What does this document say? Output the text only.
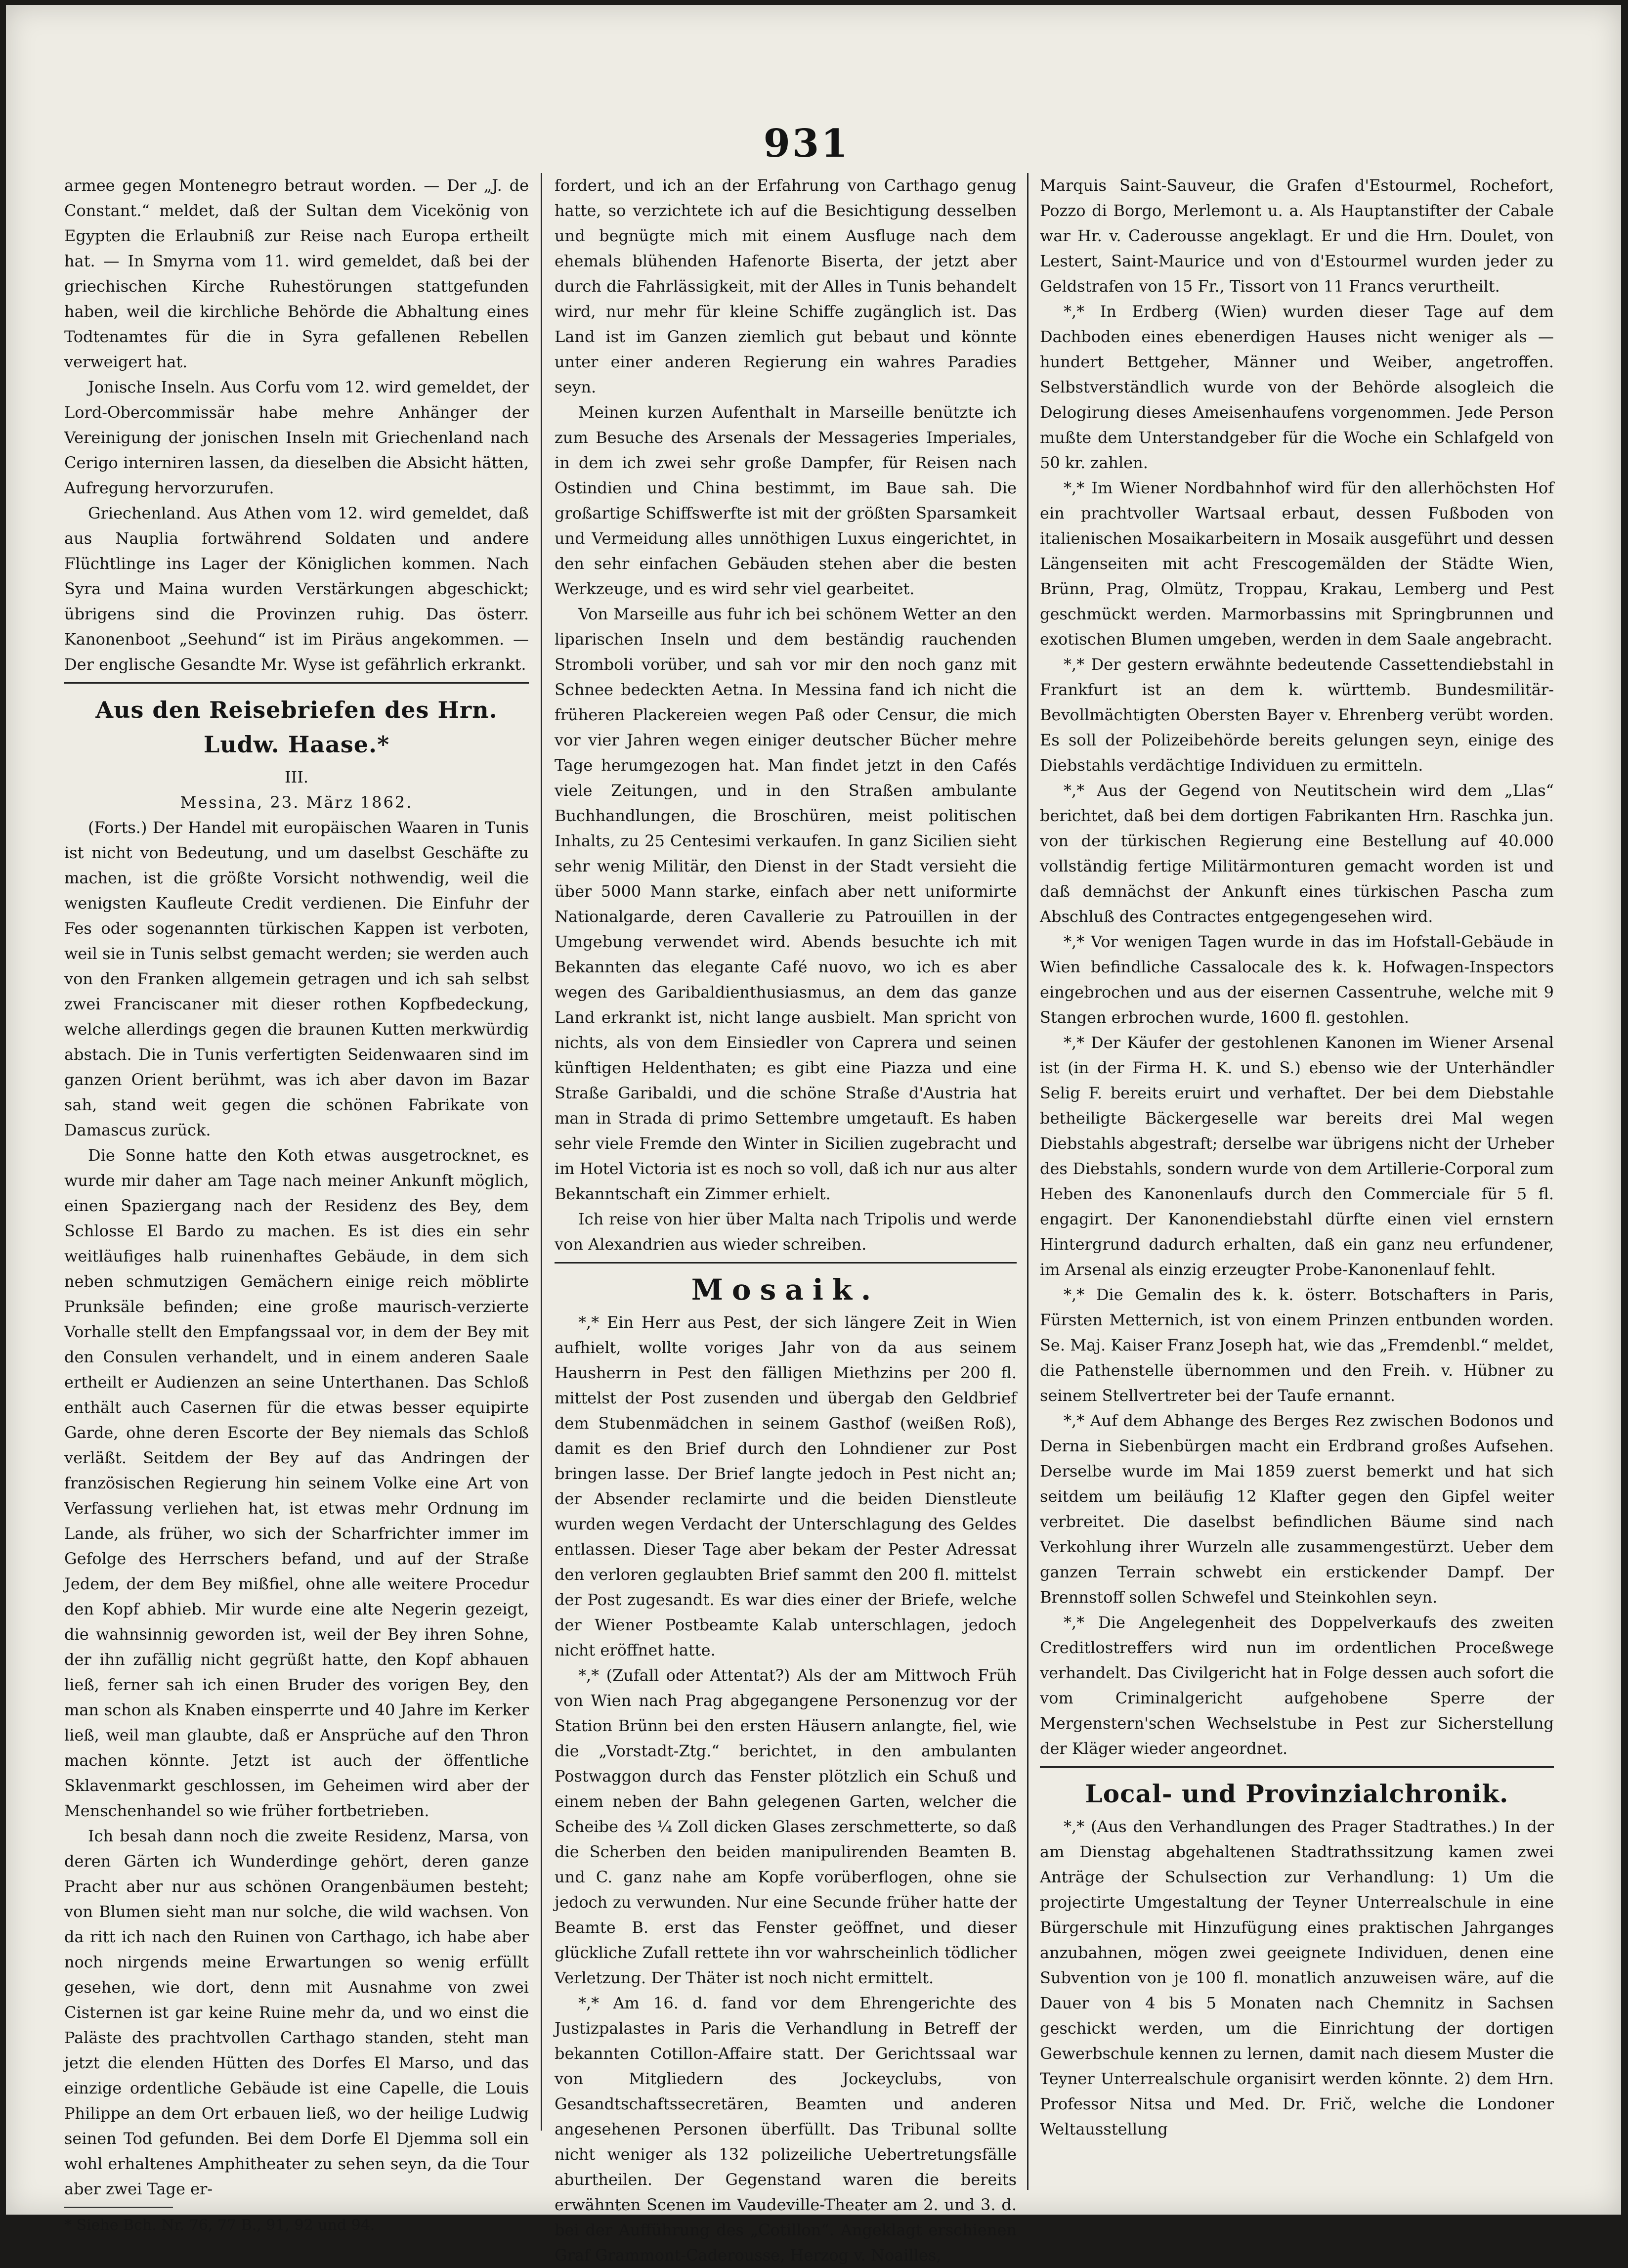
931

armee gegen Montenegro betraut worden. — Der „J. de Constant.“ meldet, daß der Sultan dem Vicekönig von Egypten die Erlaubniß zur Reise nach Europa ertheilt hat. — In Smyrna vom 11. wird gemeldet, daß bei der griechischen Kirche Ruhestörungen stattgefunden haben, weil die kirchliche Behörde die Abhaltung eines Todtenamtes für die in Syra gefallenen Rebellen verweigert hat.

Jonische Inseln. Aus Corfu vom 12. wird gemeldet, der Lord-Obercommissär habe mehre Anhänger der Vereinigung der jonischen Inseln mit Griechenland nach Cerigo interniren lassen, da dieselben die Absicht hätten, Aufregung hervorzurufen.

Griechenland. Aus Athen vom 12. wird gemeldet, daß aus Nauplia fortwährend Soldaten und andere Flüchtlinge ins Lager der Königlichen kommen. Nach Syra und Maina wurden Verstärkungen abgeschickt; übrigens sind die Provinzen ruhig. Das österr. Kanonenboot „Seehund“ ist im Piräus angekommen. — Der englische Gesandte Mr. Wyse ist gefährlich erkrankt.

Aus den Reisebriefen des Hrn. Ludw. Haase.*

III.

Messina, 23. März 1862.

(Forts.) Der Handel mit europäischen Waaren in Tunis ist nicht von Bedeutung, und um daselbst Geschäfte zu machen, ist die größte Vorsicht nothwendig, weil die wenigsten Kaufleute Credit verdienen. Die Einfuhr der Fes oder sogenannten türkischen Kappen ist verboten, weil sie in Tunis selbst gemacht werden; sie werden auch von den Franken allgemein getragen und ich sah selbst zwei Franciscaner mit dieser rothen Kopfbedeckung, welche allerdings gegen die braunen Kutten merkwürdig abstach. Die in Tunis verfertigten Seidenwaaren sind im ganzen Orient berühmt, was ich aber davon im Bazar sah, stand weit gegen die schönen Fabrikate von Damascus zurück.

Die Sonne hatte den Koth etwas ausgetrocknet, es wurde mir daher am Tage nach meiner Ankunft möglich, einen Spaziergang nach der Residenz des Bey, dem Schlosse El Bardo zu machen. Es ist dies ein sehr weitläufiges halb ruinenhaftes Gebäude, in dem sich neben schmutzigen Gemächern einige reich möblirte Prunksäle befinden; eine große maurisch-verzierte Vorhalle stellt den Empfangssaal vor, in dem der Bey mit den Consulen verhandelt, und in einem anderen Saale ertheilt er Audienzen an seine Unterthanen. Das Schloß enthält auch Casernen für die etwas besser equipirte Garde, ohne deren Escorte der Bey niemals das Schloß verläßt. Seitdem der Bey auf das Andringen der französischen Regierung hin seinem Volke eine Art von Verfassung verliehen hat, ist etwas mehr Ordnung im Lande, als früher, wo sich der Scharfrichter immer im Gefolge des Herrschers befand, und auf der Straße Jedem, der dem Bey mißfiel, ohne alle weitere Procedur den Kopf abhieb. Mir wurde eine alte Negerin gezeigt, die wahnsinnig geworden ist, weil der Bey ihren Sohne, der ihn zufällig nicht gegrüßt hatte, den Kopf abhauen ließ, ferner sah ich einen Bruder des vorigen Bey, den man schon als Knaben einsperrte und 40 Jahre im Kerker ließ, weil man glaubte, daß er Ansprüche auf den Thron machen könnte. Jetzt ist auch der öffentliche Sklavenmarkt geschlossen, im Geheimen wird aber der Menschenhandel so wie früher fortbetrieben.

Ich besah dann noch die zweite Residenz, Marsa, von deren Gärten ich Wunderdinge gehört, deren ganze Pracht aber nur aus schönen Orangenbäumen besteht; von Blumen sieht man nur solche, die wild wachsen. Von da ritt ich nach den Ruinen von Carthago, ich habe aber noch nirgends meine Erwartungen so wenig erfüllt gesehen, wie dort, denn mit Ausnahme von zwei Cisternen ist gar keine Ruine mehr da, und wo einst die Paläste des prachtvollen Carthago standen, steht man jetzt die elenden Hütten des Dorfes El Marso, und das einzige ordentliche Gebäude ist eine Capelle, die Louis Philippe an dem Ort erbauen ließ, wo der heilige Ludwig seinen Tod gefunden. Bei dem Dorfe El Djemma soll ein wohl erhaltenes Amphitheater zu sehen seyn, da die Tour aber zwei Tage er-

* Siehe Bch. Nr. 76, 77 B., 91, 92 und 94.

fordert, und ich an der Erfahrung von Carthago genug hatte, so verzichtete ich auf die Besichtigung desselben und begnügte mich mit einem Ausfluge nach dem ehemals blühenden Hafenorte Biserta, der jetzt aber durch die Fahrlässigkeit, mit der Alles in Tunis behandelt wird, nur mehr für kleine Schiffe zugänglich ist. Das Land ist im Ganzen ziemlich gut bebaut und könnte unter einer anderen Regierung ein wahres Paradies seyn.

Meinen kurzen Aufenthalt in Marseille benützte ich zum Besuche des Arsenals der Messageries Imperiales, in dem ich zwei sehr große Dampfer, für Reisen nach Ostindien und China bestimmt, im Baue sah. Die großartige Schiffswerfte ist mit der größten Sparsamkeit und Vermeidung alles unnöthigen Luxus eingerichtet, in den sehr einfachen Gebäuden stehen aber die besten Werkzeuge, und es wird sehr viel gearbeitet.

Von Marseille aus fuhr ich bei schönem Wetter an den liparischen Inseln und dem beständig rauchenden Stromboli vorüber, und sah vor mir den noch ganz mit Schnee bedeckten Aetna. In Messina fand ich nicht die früheren Plackereien wegen Paß oder Censur, die mich vor vier Jahren wegen einiger deutscher Bücher mehre Tage herumgezogen hat. Man findet jetzt in den Cafés viele Zeitungen, und in den Straßen ambulante Buchhandlungen, die Broschüren, meist politischen Inhalts, zu 25 Centesimi verkaufen. In ganz Sicilien sieht sehr wenig Militär, den Dienst in der Stadt versieht die über 5000 Mann starke, einfach aber nett uniformirte Nationalgarde, deren Cavallerie zu Patrouillen in der Umgebung verwendet wird. Abends besuchte ich mit Bekannten das elegante Café nuovo, wo ich es aber wegen des Garibaldienthusiasmus, an dem das ganze Land erkrankt ist, nicht lange ausbielt. Man spricht von nichts, als von dem Einsiedler von Caprera und seinen künftigen Heldenthaten; es gibt eine Piazza und eine Straße Garibaldi, und die schöne Straße d'Austria hat man in Strada di primo Settembre umgetauft. Es haben sehr viele Fremde den Winter in Sicilien zugebracht und im Hotel Victoria ist es noch so voll, daß ich nur aus alter Bekanntschaft ein Zimmer erhielt.

Ich reise von hier über Malta nach Tripolis und werde von Alexandrien aus wieder schreiben.

Mosaik.

*,* Ein Herr aus Pest, der sich längere Zeit in Wien aufhielt, wollte voriges Jahr von da aus seinem Hausherrn in Pest den fälligen Miethzins per 200 fl. mittelst der Post zusenden und übergab den Geldbrief dem Stubenmädchen in seinem Gasthof (weißen Roß), damit es den Brief durch den Lohndiener zur Post bringen lasse. Der Brief langte jedoch in Pest nicht an; der Absender reclamirte und die beiden Dienstleute wurden wegen Verdacht der Unterschlagung des Geldes entlassen. Dieser Tage aber bekam der Pester Adressat den verloren geglaubten Brief sammt den 200 fl. mittelst der Post zugesandt. Es war dies einer der Briefe, welche der Wiener Postbeamte Kalab unterschlagen, jedoch nicht eröffnet hatte.

*,* (Zufall oder Attentat?) Als der am Mittwoch Früh von Wien nach Prag abgegangene Personenzug vor der Station Brünn bei den ersten Häusern anlangte, fiel, wie die „Vorstadt-Ztg.“ berichtet, in den ambulanten Postwaggon durch das Fenster plötzlich ein Schuß und einem neben der Bahn gelegenen Garten, welcher die Scheibe des ¼ Zoll dicken Glases zerschmetterte, so daß die Scherben den beiden manipulirenden Beamten B. und C. ganz nahe am Kopfe vorüberflogen, ohne sie jedoch zu verwunden. Nur eine Secunde früher hatte der Beamte B. erst das Fenster geöffnet, und dieser glückliche Zufall rettete ihn vor wahrscheinlich tödlicher Verletzung. Der Thäter ist noch nicht ermittelt.

*,* Am 16. d. fand vor dem Ehrengerichte des Justizpalastes in Paris die Verhandlung in Betreff der bekannten Cotillon-Affaire statt. Der Gerichtssaal war von Mitgliedern des Jockeyclubs, von Gesandtschaftssecretären, Beamten und anderen angesehenen Personen überfüllt. Das Tribunal sollte nicht weniger als 132 polizeiliche Uebertretungsfälle aburtheilen. Der Gegenstand waren die bereits erwähnten Scenen im Vaudeville-Theater am 2. und 3. d. bei der Aufführung des „Cotillon“. Angeklagt erschienen Graf Grammont-Caderousse, Herzog v. Noailles,

Marquis Saint-Sauveur, die Grafen d'Estourmel, Rochefort, Pozzo di Borgo, Merlemont u. a. Als Hauptanstifter der Cabale war Hr. v. Caderousse angeklagt. Er und die Hrn. Doulet, von Lestert, Saint-Maurice und von d'Estourmel wurden jeder zu Geldstrafen von 15 Fr., Tissort von 11 Francs verurtheilt.

*,* In Erdberg (Wien) wurden dieser Tage auf dem Dachboden eines ebenerdigen Hauses nicht weniger als — hundert Bettgeher, Männer und Weiber, angetroffen. Selbstverständlich wurde von der Behörde alsogleich die Delogirung dieses Ameisenhaufens vorgenommen. Jede Person mußte dem Unterstandgeber für die Woche ein Schlafgeld von 50 kr. zahlen.

*,* Im Wiener Nordbahnhof wird für den allerhöchsten Hof ein prachtvoller Wartsaal erbaut, dessen Fußboden von italienischen Mosaikarbeitern in Mosaik ausgeführt und dessen Längenseiten mit acht Frescogemälden der Städte Wien, Brünn, Prag, Olmütz, Troppau, Krakau, Lemberg und Pest geschmückt werden. Marmorbassins mit Springbrunnen und exotischen Blumen umgeben, werden in dem Saale angebracht.

*,* Der gestern erwähnte bedeutende Cassettendiebstahl in Frankfurt ist an dem k. württemb. Bundesmilitär-Bevollmächtigten Obersten Bayer v. Ehrenberg verübt worden. Es soll der Polizeibehörde bereits gelungen seyn, einige des Diebstahls verdächtige Individuen zu ermitteln.

*,* Aus der Gegend von Neutitschein wird dem „Llas“ berichtet, daß bei dem dortigen Fabrikanten Hrn. Raschka jun. von der türkischen Regierung eine Bestellung auf 40.000 vollständig fertige Militärmonturen gemacht worden ist und daß demnächst der Ankunft eines türkischen Pascha zum Abschluß des Contractes entgegengesehen wird.

*,* Vor wenigen Tagen wurde in das im Hofstall-Gebäude in Wien befindliche Cassalocale des k. k. Hofwagen-Inspectors eingebrochen und aus der eisernen Cassentruhe, welche mit 9 Stangen erbrochen wurde, 1600 fl. gestohlen.

*,* Der Käufer der gestohlenen Kanonen im Wiener Arsenal ist (in der Firma H. K. und S.) ebenso wie der Unterhändler Selig F. bereits eruirt und verhaftet. Der bei dem Diebstahle betheiligte Bäckergeselle war bereits drei Mal wegen Diebstahls abgestraft; derselbe war übrigens nicht der Urheber des Diebstahls, sondern wurde von dem Artillerie-Corporal zum Heben des Kanonenlaufs durch den Commerciale für 5 fl. engagirt. Der Kanonendiebstahl dürfte einen viel ernstern Hintergrund dadurch erhalten, daß ein ganz neu erfundener, im Arsenal als einzig erzeugter Probe-Kanonenlauf fehlt.

*,* Die Gemalin des k. k. österr. Botschafters in Paris, Fürsten Metternich, ist von einem Prinzen entbunden worden. Se. Maj. Kaiser Franz Joseph hat, wie das „Fremdenbl.“ meldet, die Pathenstelle übernommen und den Freih. v. Hübner zu seinem Stellvertreter bei der Taufe ernannt.

*,* Auf dem Abhange des Berges Rez zwischen Bodonos und Derna in Siebenbürgen macht ein Erdbrand großes Aufsehen. Derselbe wurde im Mai 1859 zuerst bemerkt und hat sich seitdem um beiläufig 12 Klafter gegen den Gipfel weiter verbreitet. Die daselbst befindlichen Bäume sind nach Verkohlung ihrer Wurzeln alle zusammengestürzt. Ueber dem ganzen Terrain schwebt ein erstickender Dampf. Der Brennstoff sollen Schwefel und Steinkohlen seyn.

*,* Die Angelegenheit des Doppelverkaufs des zweiten Creditlostreffers wird nun im ordentlichen Proceßwege verhandelt. Das Civilgericht hat in Folge dessen auch sofort die vom Criminalgericht aufgehobene Sperre der Mergenstern'schen Wechselstube in Pest zur Sicherstellung der Kläger wieder angeordnet.

Local- und Provinzialchronik.

*,* (Aus den Verhandlungen des Prager Stadtrathes.) In der am Dienstag abgehaltenen Stadtrathssitzung kamen zwei Anträge der Schulsection zur Verhandlung: 1) Um die projectirte Umgestaltung der Teyner Unterrealschule in eine Bürgerschule mit Hinzufügung eines praktischen Jahrganges anzubahnen, mögen zwei geeignete Individuen, denen eine Subvention von je 100 fl. monatlich anzuweisen wäre, auf die Dauer von 4 bis 5 Monaten nach Chemnitz in Sachsen geschickt werden, um die Einrichtung der dortigen Gewerbschule kennen zu lernen, damit nach diesem Muster die Teyner Unterrealschule organisirt werden könnte. 2) dem Hrn. Professor Nitsa und Med. Dr. Frič, welche die Londoner Weltausstellung
